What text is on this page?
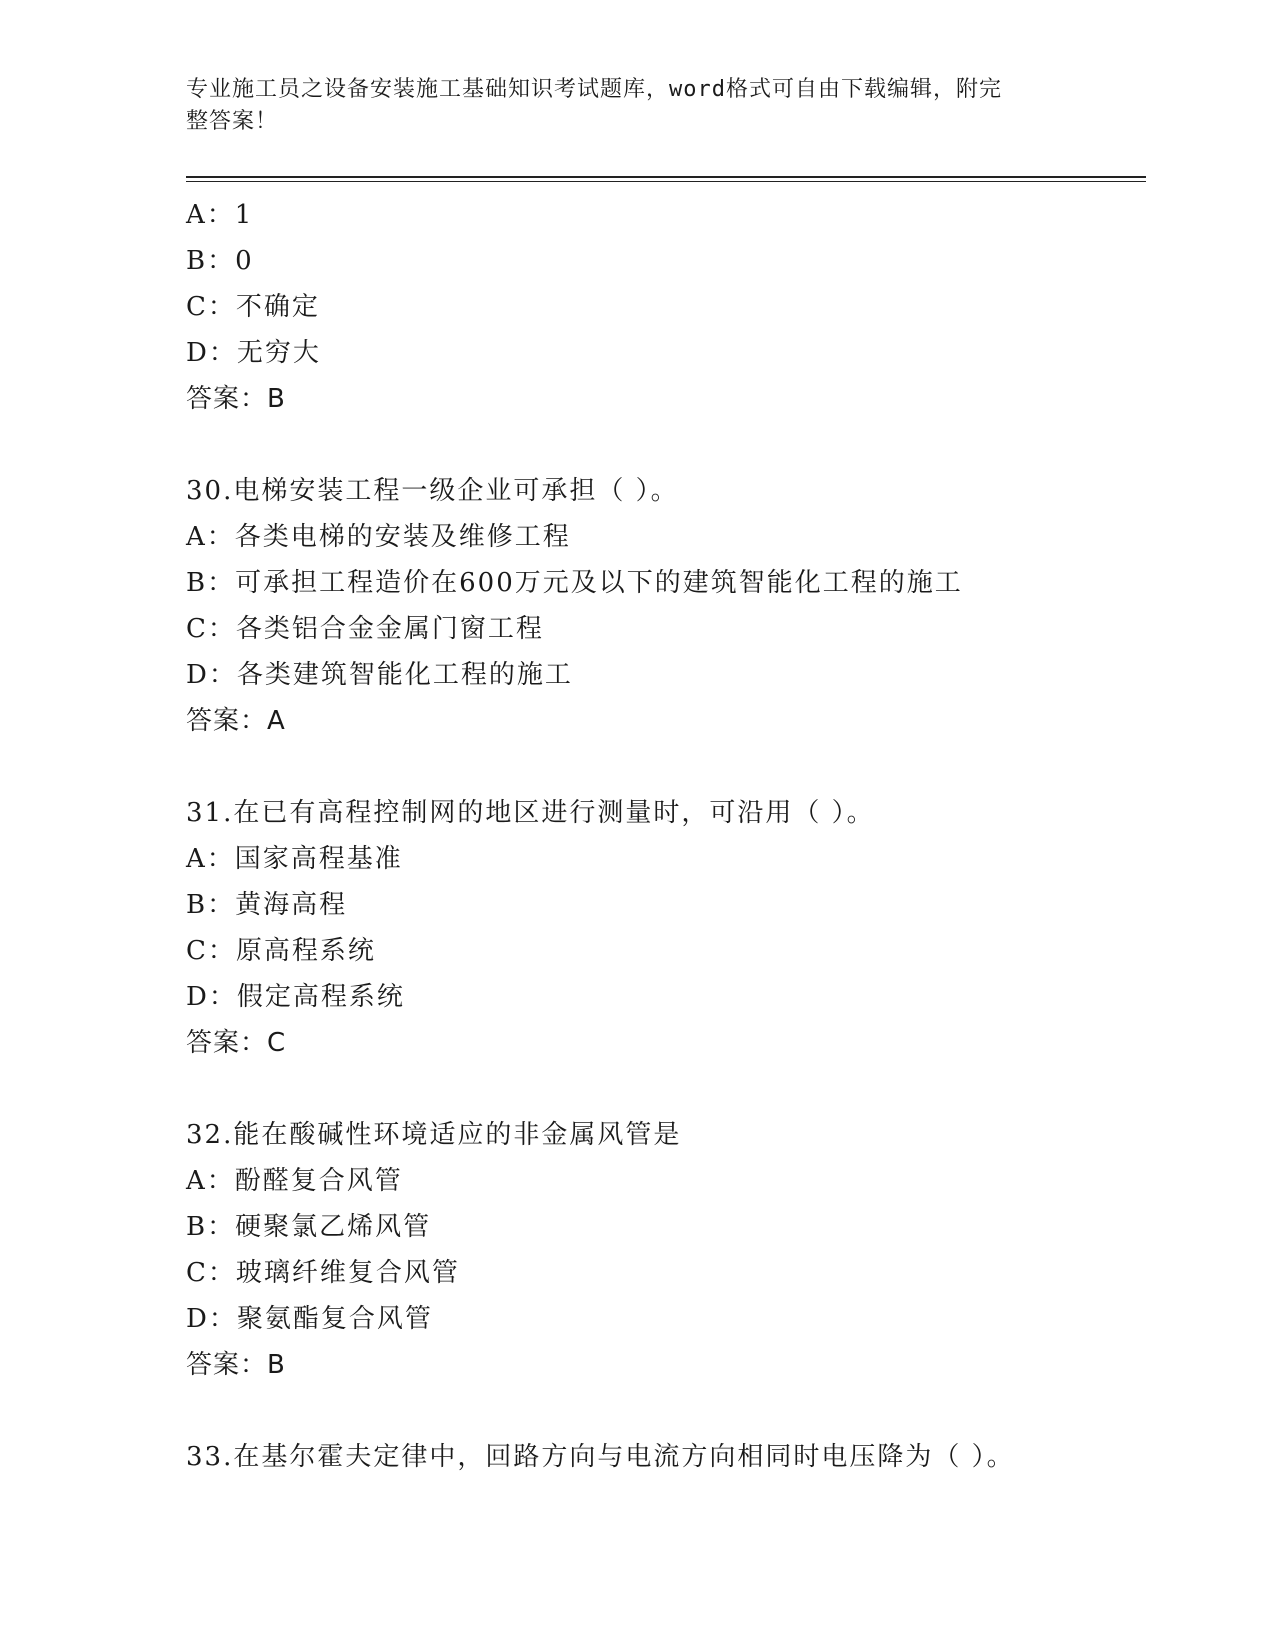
专业施工员之设备安装施工基础知识考试题库，word格式可自由下载编辑，附完
整答案！
A：1
B：0
C：不确定
D：无穷大
答案：B
30.电梯安装工程一级企业可承担（ ）。
A：各类电梯的安装及维修工程
B：可承担工程造价在600万元及以下的建筑智能化工程的施工
C：各类铝合金金属门窗工程
D：各类建筑智能化工程的施工
答案：A
31.在已有高程控制网的地区进行测量时，可沿用（ ）。
A：国家高程基准
B：黄海高程
C：原高程系统
D：假定高程系统
答案：C
32.能在酸碱性环境适应的非金属风管是
A：酚醛复合风管
B：硬聚氯乙烯风管
C：玻璃纤维复合风管
D：聚氨酯复合风管
答案：B
33.在基尔霍夫定律中，回路方向与电流方向相同时电压降为（ ）。
